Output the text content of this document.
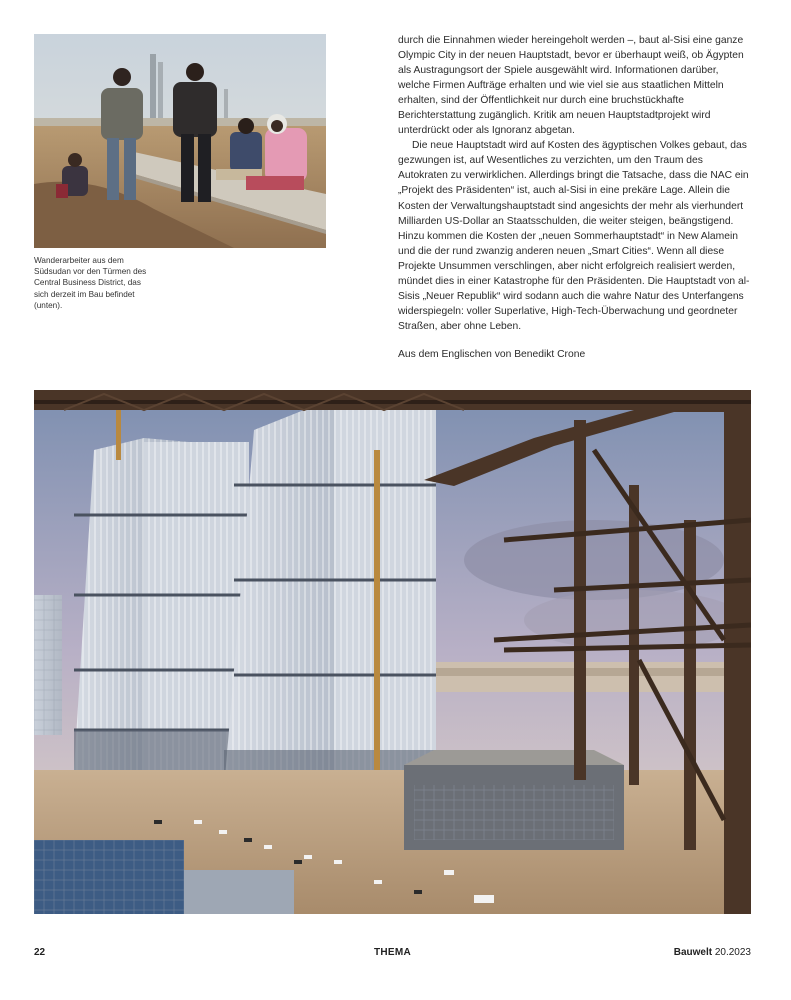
Wanderarbeiter aus dem Südsudan vor den Türmen des Central Business District, das sich derzeit im Bau befindet (unten).

durch die Einnahmen wieder hereingeholt werden –, baut al-Sisi eine ganze Olympic City in der neuen Hauptstadt, bevor er überhaupt weiß, ob Ägypten als Austragungsort der Spiele ausgewählt wird. Informationen darüber, welche Firmen Aufträge erhalten und wie viel sie aus staatlichen Mitteln erhalten, sind der Öffentlichkeit nur durch eine bruchstückhafte Berichterstattung zugänglich. Kritik am neuen Hauptstadtprojekt wird unterdrückt oder als Ignoranz abgetan.

Die neue Hauptstadt wird auf Kosten des ägyptischen Volkes gebaut, das gezwungen ist, auf Wesentliches zu verzichten, um den Traum des Autokraten zu verwirklichen. Allerdings bringt die Tatsache, dass die NAC ein „Projekt des Präsidenten“ ist, auch al-Sisi in eine prekäre Lage. Allein die Kosten der Verwaltungshauptstadt sind angesichts der mehr als vierhundert Milliarden US-Dollar an Staatsschulden, die weiter steigen, beängstigend. Hinzu kommen die Kosten der „neuen Sommerhauptstadt“ in New Alamein und die der rund zwanzig anderen neuen „Smart Cities“. Wenn all diese Projekte Unsummen verschlingen, aber nicht erfolgreich realisiert werden, mündet dies in einer Katastrophe für den Präsidenten. Die Hauptstadt von al-Sisis „Neuer Republik“ wird sodann auch die wahre Natur des Unterfangens widerspiegeln: voller Superlative, High-Tech-Überwachung und geordneter Straßen, aber ohne Leben.

Aus dem Englischen von Benedikt Crone

22	THEMA	Bauwelt 20.2023
